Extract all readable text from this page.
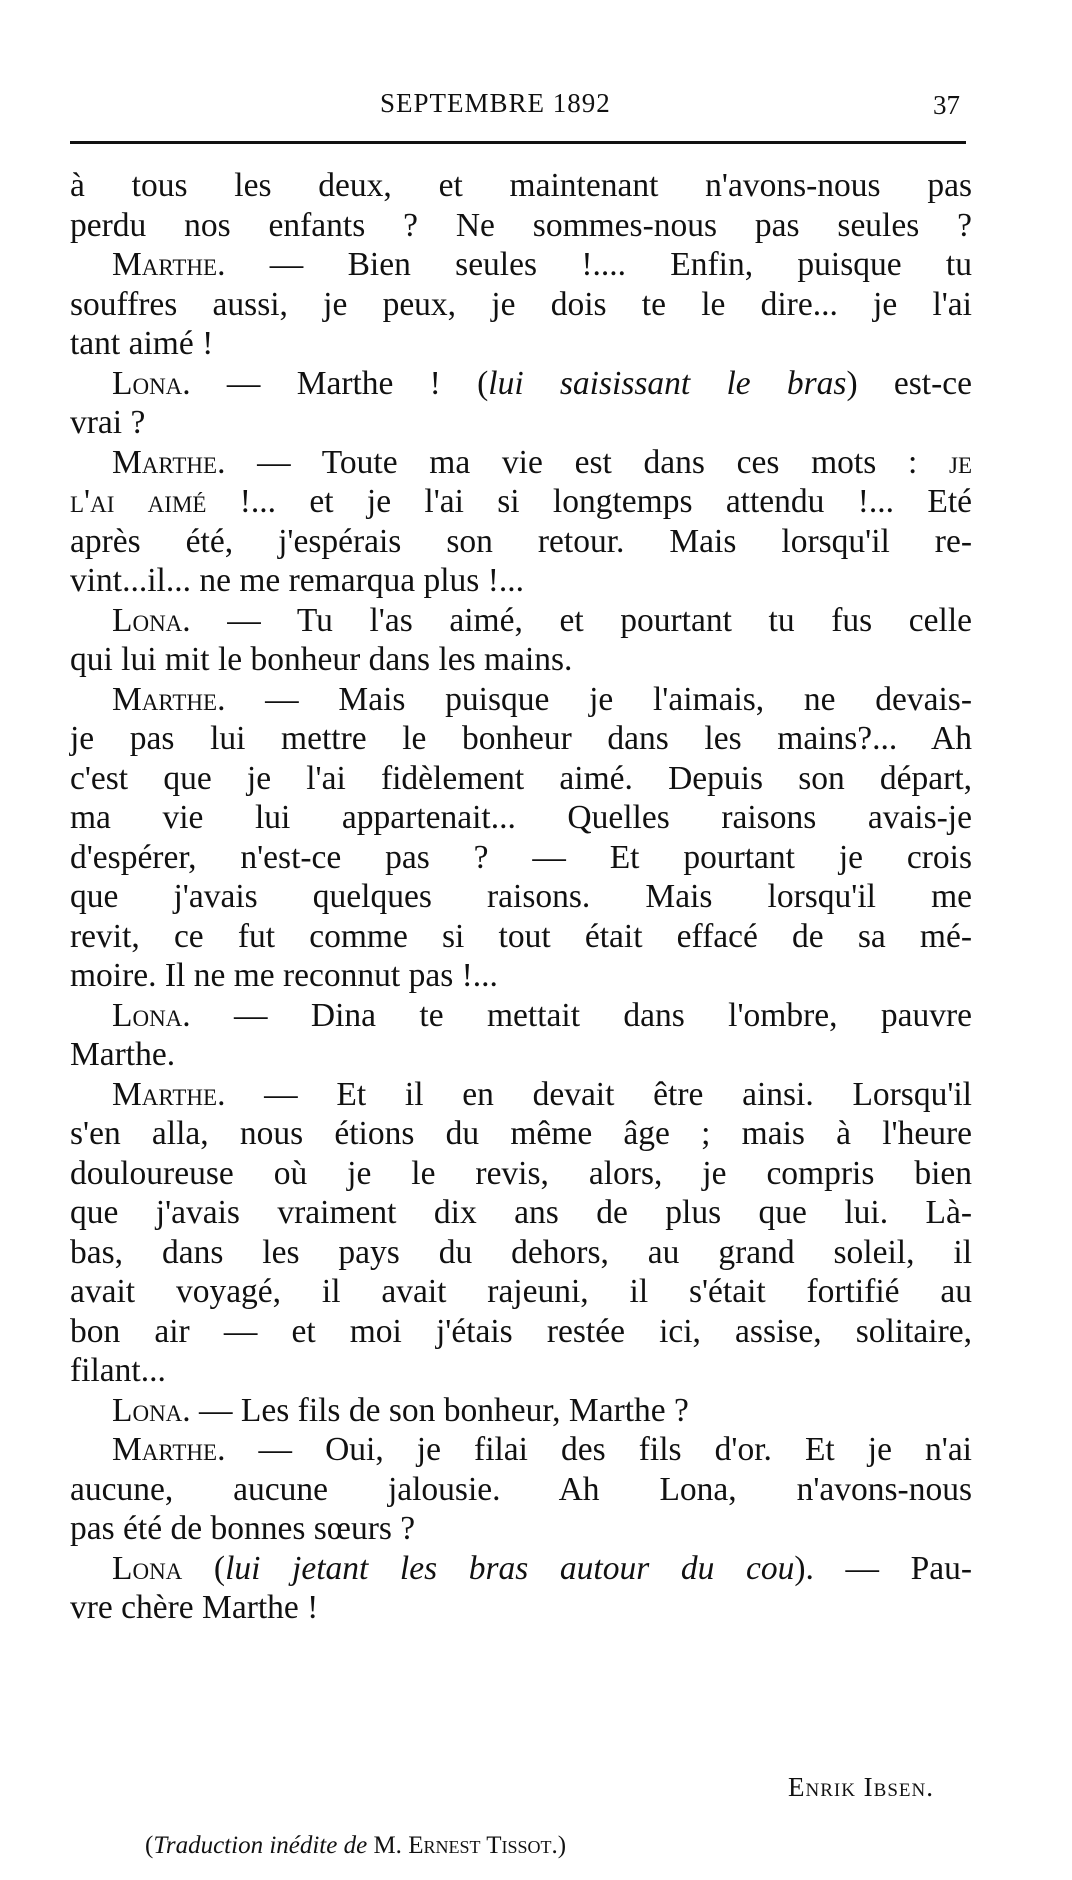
SEPTEMBRE 1892	37
à tous les deux, et maintenant n'avons-nous pas
perdu nos enfants ? Ne sommes-nous pas seules ?
Marthe. — Bien seules !.... Enfin, puisque tu
souffres aussi, je peux, je dois te le dire... je l'ai
tant aimé !
Lona. — Marthe ! (lui saisissant le bras) est-ce
vrai ?
Marthe. — Toute ma vie est dans ces mots : je
l'ai aimé !... et je l'ai si longtemps attendu !... Eté
après été, j'espérais son retour. Mais lorsqu'il re-
vint...il... ne me remarqua plus !...
Lona. — Tu l'as aimé, et pourtant tu fus celle
qui lui mit le bonheur dans les mains.
Marthe. — Mais puisque je l'aimais, ne devais-
je pas lui mettre le bonheur dans les mains?... Ah
c'est que je l'ai fidèlement aimé. Depuis son départ,
ma vie lui appartenait... Quelles raisons avais-je
d'espérer, n'est-ce pas ? — Et pourtant je crois
que j'avais quelques raisons. Mais lorsqu'il me
revit, ce fut comme si tout était effacé de sa mé-
moire. Il ne me reconnut pas !...
Lona. — Dina te mettait dans l'ombre, pauvre
Marthe.
Marthe. — Et il en devait être ainsi. Lorsqu'il
s'en alla, nous étions du même âge ; mais à l'heure
douloureuse où je le revis, alors, je compris bien
que j'avais vraiment dix ans de plus que lui. Là-
bas, dans les pays du dehors, au grand soleil, il
avait voyagé, il avait rajeuni, il s'était fortifié au
bon air — et moi j'étais restée ici, assise, solitaire,
filant...
Lona. — Les fils de son bonheur, Marthe ?
Marthe. — Oui, je filai des fils d'or. Et je n'ai
aucune, aucune jalousie. Ah Lona, n'avons-nous
pas été de bonnes sœurs ?
Lona (lui jetant les bras autour du cou). — Pau-
vre chère Marthe !
Enrik Ibsen.
(Traduction inédite de M. Ernest Tissot.)
